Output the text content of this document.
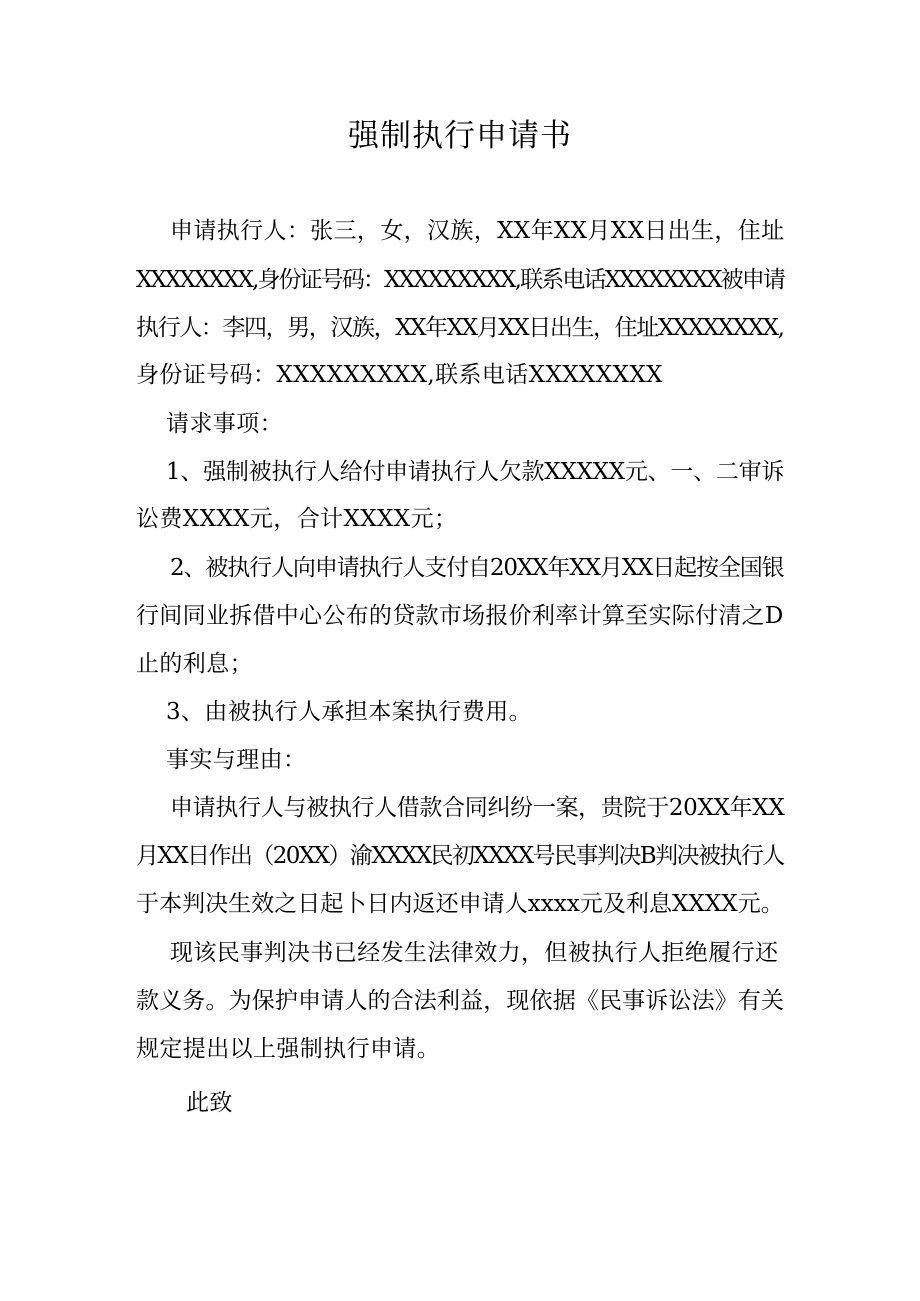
强制执行申请书
申请执行人：张三，女，汉族，XX年XX月XX日出生，住址
XXXXXXXX,身份证号码：XXXXXXXXX,联系电话XXXXXXXX被申请
执行人：李四，男，汉族，XX年XX月XX日出生，住址XXXXXXXX,
身份证号码：XXXXXXXXX,联系电话XXXXXXXX
请求事项：
1、强制被执行人给付申请执行人欠款XXXXX元、一、二审诉
讼费XXXX元，合计XXXX元；
2、被执行人向申请执行人支付自20XX年XX月XX日起按全国银
行间同业拆借中心公布的贷款市场报价利率计算至实际付清之D
止的利息；
3、由被执行人承担本案执行费用。
事实与理由：
申请执行人与被执行人借款合同纠纷一案，贵院于20XX年XX
月XX日作出（20XX）渝XXXX民初XXXX号民事判决B判决被执行人
于本判决生效之日起卜日内返还申请人xxxx元及利息XXXX元。
现该民事判决书已经发生法律效力，但被执行人拒绝履行还
款义务。为保护申请人的合法利益，现依据《民事诉讼法》有关
规定提出以上强制执行申请。
此致
